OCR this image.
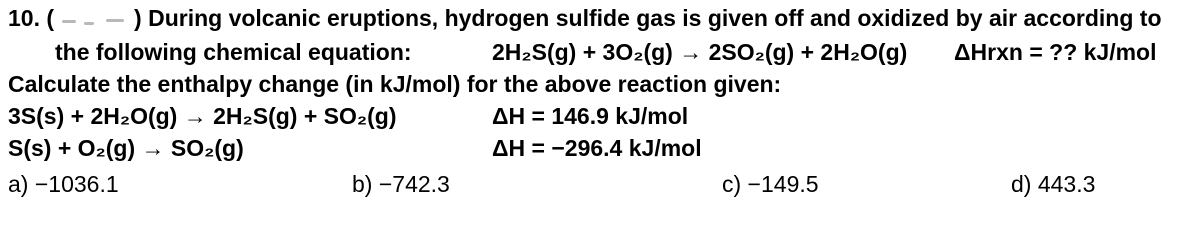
10. (	) During volcanic eruptions, hydrogen sulfide gas is given off and oxidized by air according to
the following chemical equation:	2H₂S(g) + 3O₂(g) → 2SO₂(g) + 2H₂O(g) ΔHrxn = ?? kJ/mol
Calculate the enthalpy change (in kJ/mol) for the above reaction given:
3S(s) + 2H₂O(g) → 2H₂S(g) + SO₂(g)	ΔH = 146.9 kJ/mol
S(s) + O₂(g) → SO₂(g)	ΔH = −296.4 kJ/mol
a) −1036.1	b) −742.3	c) −149.5	d) 443.3
